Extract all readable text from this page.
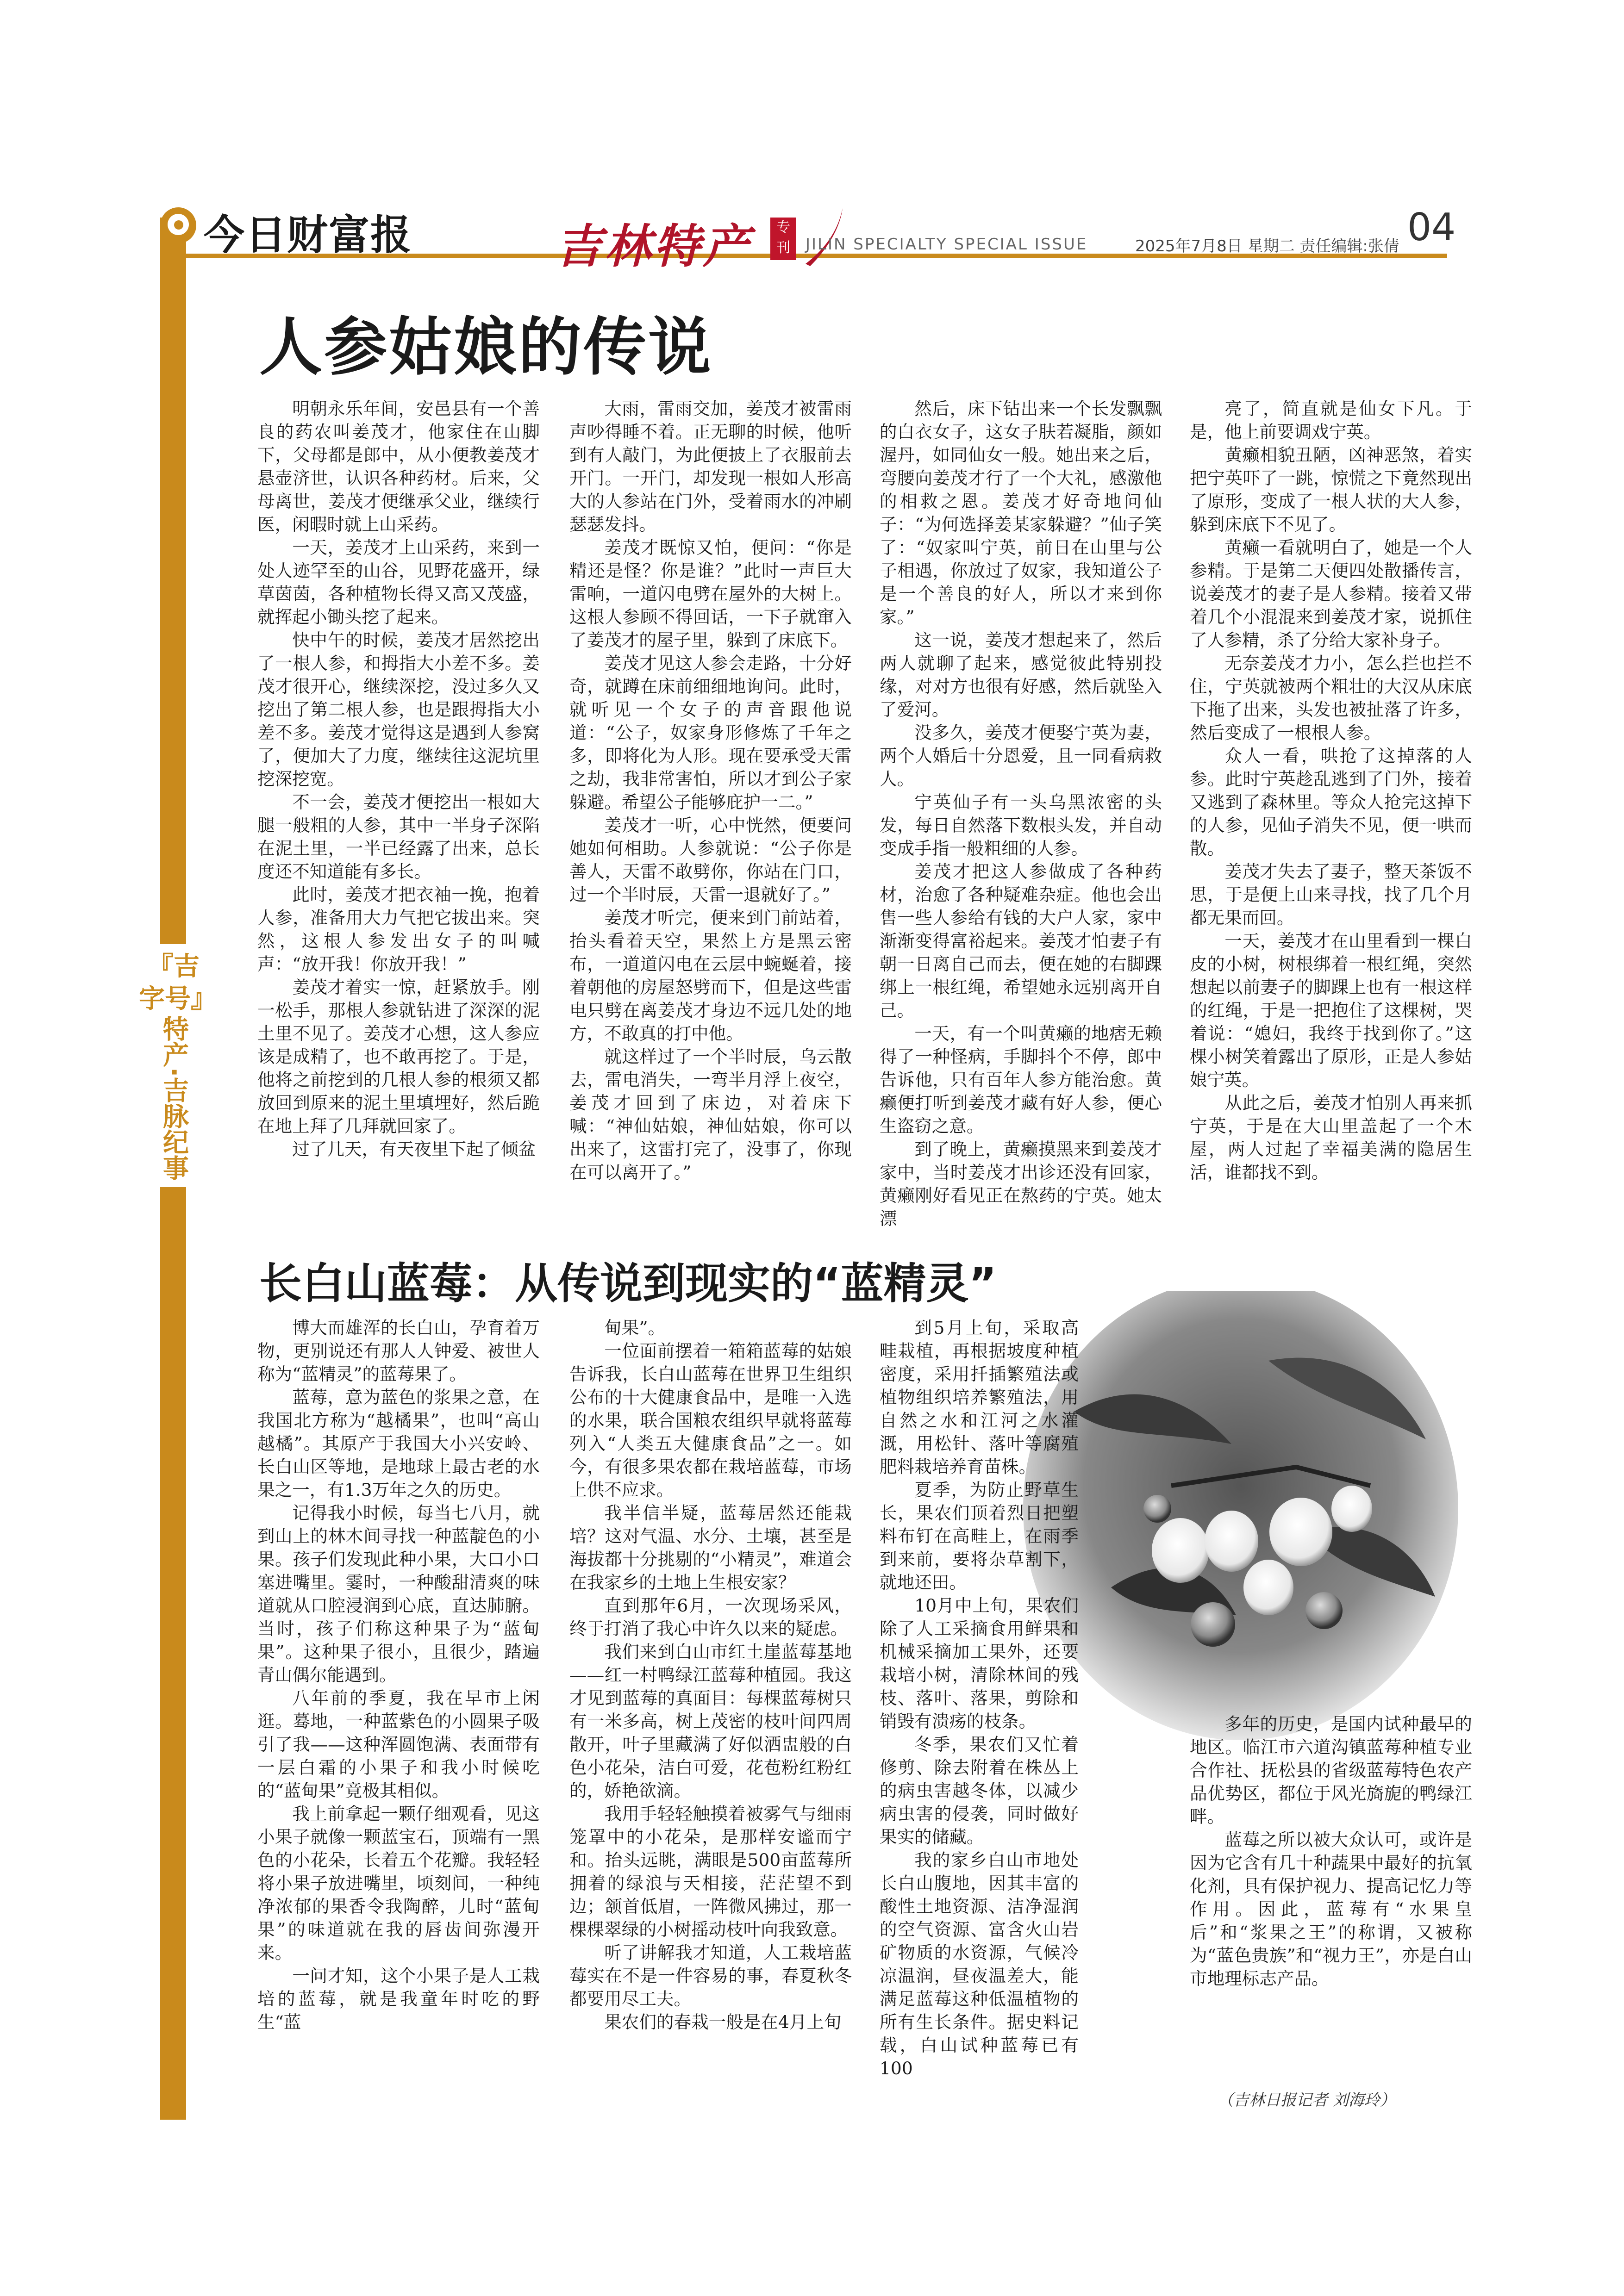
『吉字号』
特产·吉脉纪事
今日财富报	吉林特产	专刊 JILIN SPECIALTY SPECIAL ISSUE	2025年7月8日 星期二 责任编辑:张倩 04
人参姑娘的传说

明朝永乐年间，安邑县有一个善良的药农叫姜茂才，他家住在山脚下，父母都是郎中，从小便教姜茂才悬壶济世，认识各种药材。后来，父母离世，姜茂才便继承父业，继续行医，闲暇时就上山采药。

一天，姜茂才上山采药，来到一处人迹罕至的山谷，见野花盛开，绿草茵茵，各种植物长得又高又茂盛，就挥起小锄头挖了起来。

快中午的时候，姜茂才居然挖出了一根人参，和拇指大小差不多。姜茂才很开心，继续深挖，没过多久又挖出了第二根人参，也是跟拇指大小差不多。姜茂才觉得这是遇到人参窝了，便加大了力度，继续往这泥坑里挖深挖宽。

不一会，姜茂才便挖出一根如大腿一般粗的人参，其中一半身子深陷在泥土里，一半已经露了出来，总长度还不知道能有多长。

此时，姜茂才把衣袖一挽，抱着人参，准备用大力气把它拔出来。突然，这根人参发出女子的叫喊声：“放开我！你放开我！”

姜茂才着实一惊，赶紧放手。刚一松手，那根人参就钻进了深深的泥土里不见了。姜茂才心想，这人参应该是成精了，也不敢再挖了。于是，他将之前挖到的几根人参的根须又都放回到原来的泥土里填埋好，然后跪在地上拜了几拜就回家了。

过了几天，有天夜里下起了倾盆

大雨，雷雨交加，姜茂才被雷雨声吵得睡不着。正无聊的时候，他听到有人敲门，为此便披上了衣服前去开门。一开门，却发现一根如人形高大的人参站在门外，受着雨水的冲刷瑟瑟发抖。

姜茂才既惊又怕，便问：“你是精还是怪？你是谁？”此时一声巨大雷响，一道闪电劈在屋外的大树上。这根人参顾不得回话，一下子就窜入了姜茂才的屋子里，躲到了床底下。

姜茂才见这人参会走路，十分好奇，就蹲在床前细细地询问。此时，就听见一个女子的声音跟他说道：“公子，奴家身形修炼了千年之多，即将化为人形。现在要承受天雷之劫，我非常害怕，所以才到公子家躲避。希望公子能够庇护一二。”

姜茂才一听，心中恍然，便要问她如何相助。人参就说：“公子你是善人，天雷不敢劈你，你站在门口，过一个半时辰，天雷一退就好了。”

姜茂才听完，便来到门前站着，抬头看着天空，果然上方是黑云密布，一道道闪电在云层中蜿蜒着，接着朝他的房屋怒劈而下，但是这些雷电只劈在离姜茂才身边不远几处的地方，不敢真的打中他。

就这样过了一个半时辰，乌云散去，雷电消失，一弯半月浮上夜空，姜茂才回到了床边，对着床下喊：“神仙姑娘，神仙姑娘，你可以出来了，这雷打完了，没事了，你现在可以离开了。”

然后，床下钻出来一个长发飘飘的白衣女子，这女子肤若凝脂，颜如渥丹，如同仙女一般。她出来之后，弯腰向姜茂才行了一个大礼，感激他的相救之恩。姜茂才好奇地问仙子：“为何选择姜某家躲避？”仙子笑了：“奴家叫宁英，前日在山里与公子相遇，你放过了奴家，我知道公子是一个善良的好人，所以才来到你家。”

这一说，姜茂才想起来了，然后两人就聊了起来，感觉彼此特别投缘，对对方也很有好感，然后就坠入了爱河。

没多久，姜茂才便娶宁英为妻，两个人婚后十分恩爱，且一同看病救人。

宁英仙子有一头乌黑浓密的头发，每日自然落下数根头发，并自动变成手指一般粗细的人参。

姜茂才把这人参做成了各种药材，治愈了各种疑难杂症。他也会出售一些人参给有钱的大户人家，家中渐渐变得富裕起来。姜茂才怕妻子有朝一日离自己而去，便在她的右脚踝绑上一根红绳，希望她永远别离开自己。

一天，有一个叫黄癞的地痞无赖得了一种怪病，手脚抖个不停，郎中告诉他，只有百年人参方能治愈。黄癞便打听到姜茂才藏有好人参，便心生盗窃之意。

到了晚上，黄癞摸黑来到姜茂才家中，当时姜茂才出诊还没有回家，黄癞刚好看见正在熬药的宁英。她太漂

亮了，简直就是仙女下凡。于是，他上前要调戏宁英。

黄癞相貌丑陋，凶神恶煞，着实把宁英吓了一跳，惊慌之下竟然现出了原形，变成了一根人状的大人参，躲到床底下不见了。

黄癞一看就明白了，她是一个人参精。于是第二天便四处散播传言，说姜茂才的妻子是人参精。接着又带着几个小混混来到姜茂才家，说抓住了人参精，杀了分给大家补身子。

无奈姜茂才力小，怎么拦也拦不住，宁英就被两个粗壮的大汉从床底下拖了出来，头发也被扯落了许多，然后变成了一根根人参。

众人一看，哄抢了这掉落的人参。此时宁英趁乱逃到了门外，接着又逃到了森林里。等众人抢完这掉下的人参，见仙子消失不见，便一哄而散。

姜茂才失去了妻子，整天茶饭不思，于是便上山来寻找，找了几个月都无果而回。

一天，姜茂才在山里看到一棵白皮的小树，树根绑着一根红绳，突然想起以前妻子的脚踝上也有一根这样的红绳，于是一把抱住了这棵树，哭着说：“媳妇，我终于找到你了。”这棵小树笑着露出了原形，正是人参姑娘宁英。

从此之后，姜茂才怕别人再来抓宁英，于是在大山里盖起了一个木屋，两人过起了幸福美满的隐居生活，谁都找不到。

长白山蓝莓：从传说到现实的“蓝精灵”

博大而雄浑的长白山，孕育着万物，更别说还有那人人钟爱、被世人称为“蓝精灵”的蓝莓果了。

蓝莓，意为蓝色的浆果之意，在我国北方称为“越橘果”，也叫“高山越橘”。其原产于我国大小兴安岭、长白山区等地，是地球上最古老的水果之一，有1.3万年之久的历史。

记得我小时候，每当七八月，就到山上的林木间寻找一种蓝靛色的小果。孩子们发现此种小果，大口小口塞进嘴里。霎时，一种酸甜清爽的味道就从口腔浸润到心底，直达肺腑。当时，孩子们称这种果子为“蓝甸果”。这种果子很小，且很少，踏遍青山偶尔能遇到。

八年前的季夏，我在早市上闲逛。蓦地，一种蓝紫色的小圆果子吸引了我——这种浑圆饱满、表面带有一层白霜的小果子和我小时候吃的“蓝甸果”竟极其相似。

我上前拿起一颗仔细观看，见这小果子就像一颗蓝宝石，顶端有一黑色的小花朵，长着五个花瓣。我轻轻将小果子放进嘴里，顷刻间，一种纯净浓郁的果香令我陶醉，儿时“蓝甸果”的味道就在我的唇齿间弥漫开来。

一问才知，这个小果子是人工栽培的蓝莓，就是我童年时吃的野生“蓝

甸果”。

一位面前摆着一箱箱蓝莓的姑娘告诉我，长白山蓝莓在世界卫生组织公布的十大健康食品中，是唯一入选的水果，联合国粮农组织早就将蓝莓列入“人类五大健康食品”之一。如今，有很多果农都在栽培蓝莓，市场上供不应求。

我半信半疑，蓝莓居然还能栽培？这对气温、水分、土壤，甚至是海拔都十分挑剔的“小精灵”，难道会在我家乡的土地上生根安家？

直到那年6月，一次现场采风，终于打消了我心中许久以来的疑虑。

我们来到白山市红土崖蓝莓基地——红一村鸭绿江蓝莓种植园。我这才见到蓝莓的真面目：每棵蓝莓树只有一米多高，树上茂密的枝叶间四周散开，叶子里藏满了好似洒盅般的白色小花朵，洁白可爱，花苞粉红粉红的，娇艳欲滴。

我用手轻轻触摸着被雾气与细雨笼罩中的小花朵，是那样安谧而宁和。抬头远眺，满眼是500亩蓝莓所拥着的绿浪与天相接，茫茫望不到边；颔首低眉，一阵微风拂过，那一棵棵翠绿的小树摇动枝叶向我致意。

听了讲解我才知道，人工栽培蓝莓实在不是一件容易的事，春夏秋冬都要用尽工夫。

果农们的春栽一般是在4月上旬

到5月上旬，采取高畦栽植，再根据坡度种植密度，采用扦插繁殖法或植物组织培养繁殖法，用自然之水和江河之水灌溉，用松针、落叶等腐殖肥料栽培养育苗株。

夏季，为防止野草生长，果农们顶着烈日把塑料布钉在高畦上，在雨季到来前，要将杂草割下，就地还田。

10月中上旬，果农们除了人工采摘食用鲜果和机械采摘加工果外，还要栽培小树，清除林间的残枝、落叶、落果，剪除和销毁有溃疡的枝条。

冬季，果农们又忙着修剪、除去附着在株丛上的病虫害越冬体，以减少病虫害的侵袭，同时做好果实的储藏。

我的家乡白山市地处长白山腹地，因其丰富的酸性土地资源、洁净湿润的空气资源、富含火山岩矿物质的水资源，气候冷凉温润，昼夜温差大，能满足蓝莓这种低温植物的所有生长条件。据史料记载，白山试种蓝莓已有100

多年的历史，是国内试种最早的地区。临江市六道沟镇蓝莓种植专业合作社、抚松县的省级蓝莓特色农产品优势区，都位于风光旖旎的鸭绿江畔。

蓝莓之所以被大众认可，或许是因为它含有几十种蔬果中最好的抗氧化剂，具有保护视力、提高记忆力等作用。因此，蓝莓有“水果皇后”和“浆果之王”的称谓，又被称为“蓝色贵族”和“视力王”，亦是白山市地理标志产品。

（吉林日报记者 刘海玲）
